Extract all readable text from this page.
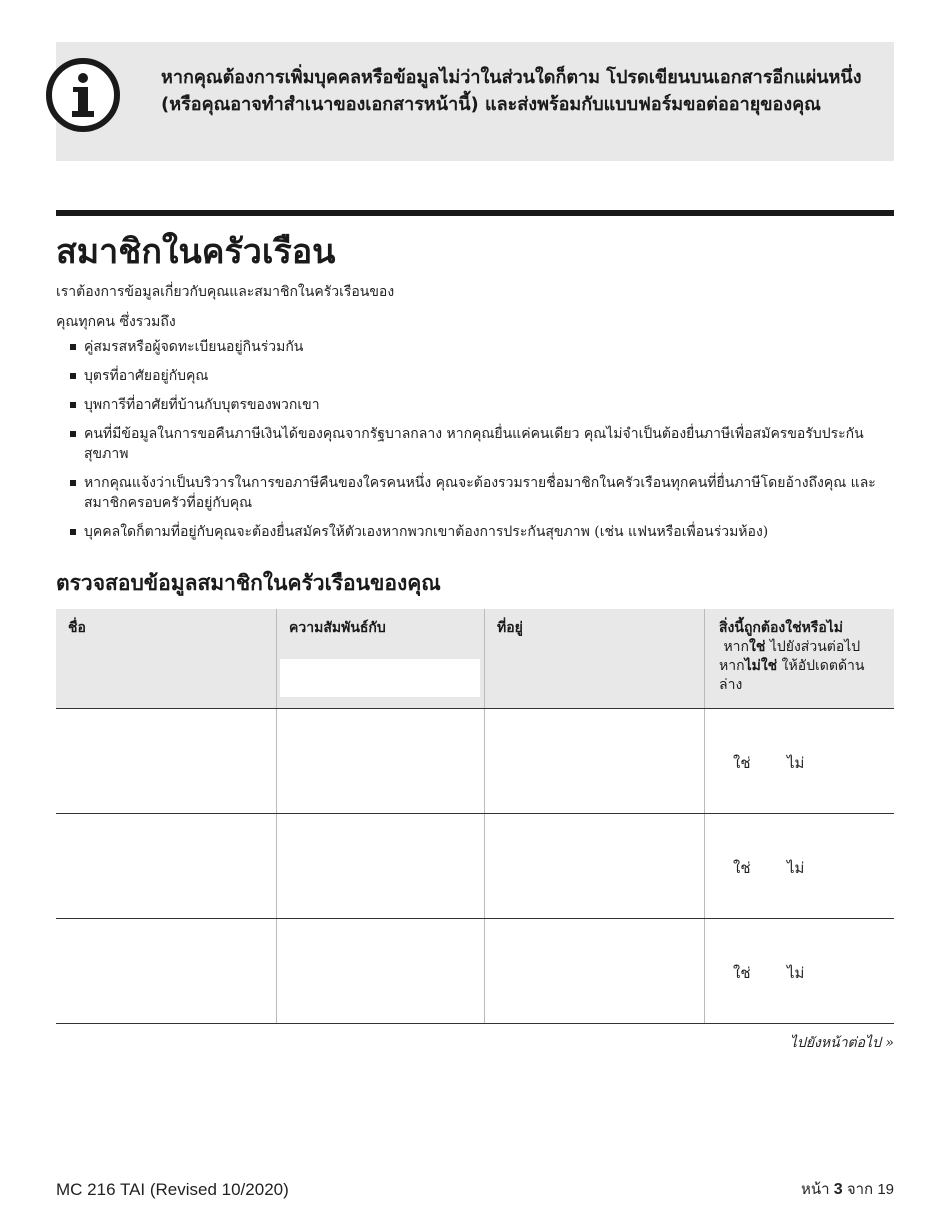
หากคุณต้องการเพิ่มบุคคลหรือข้อมูลไม่ว่าในส่วนใดก็ตาม โปรดเขียนบนเอกสารอีกแผ่นหนึ่ง (หรือคุณอาจทำสำเนาของเอกสารหน้านี้) และส่งพร้อมกับแบบฟอร์มขอต่ออายุของคุณ
สมาชิกในครัวเรือน

เราต้องการข้อมูลเกี่ยวกับคุณและสมาชิกในครัวเรือนของ

คุณทุกคน ซึ่งรวมถึง

คู่สมรสหรือผู้จดทะเบียนอยู่กินร่วมกัน
บุตรที่อาศัยอยู่กับคุณ
บุพการีที่อาศัยที่บ้านกับบุตรของพวกเขา
คนที่มีข้อมูลในการขอคืนภาษีเงินได้ของคุณจากรัฐบาลกลาง หากคุณยื่นแค่คนเดียว คุณไม่จำเป็นต้องยื่นภาษีเพื่อสมัครขอรับประกันสุขภาพ
หากคุณแจ้งว่าเป็นบริวารในการขอภาษีคืนของใครคนหนึ่ง คุณจะต้องรวมรายชื่อมาชิกในครัวเรือนทุกคนที่ยื่นภาษีโดยอ้างถึงคุณ และสมาชิกครอบครัวที่อยู่กับคุณ
บุคคลใดก็ตามที่อยู่กับคุณจะต้องยื่นสมัครให้ตัวเองหากพวกเขาต้องการประกันสุขภาพ (เช่น แฟนหรือเพื่อนร่วมห้อง)
ตรวจสอบข้อมูลสมาชิกในครัวเรือนของคุณ
ชื่อ	ความสัมพันธ์กับ	ที่อยู่	สิ่งนี้ถูกต้องใช่หรือไม่
หากใช่ ไปยังส่วนต่อไป
หากไม่ใช่ ให้อัปเดตด้านล่าง
ใช่ ไม่
ใช่ ไม่
ใช่ ไม่

ไปยังหน้าต่อไป »

MC 216 TAI (Revised 10/2020)	หน้า 3 จาก 19
